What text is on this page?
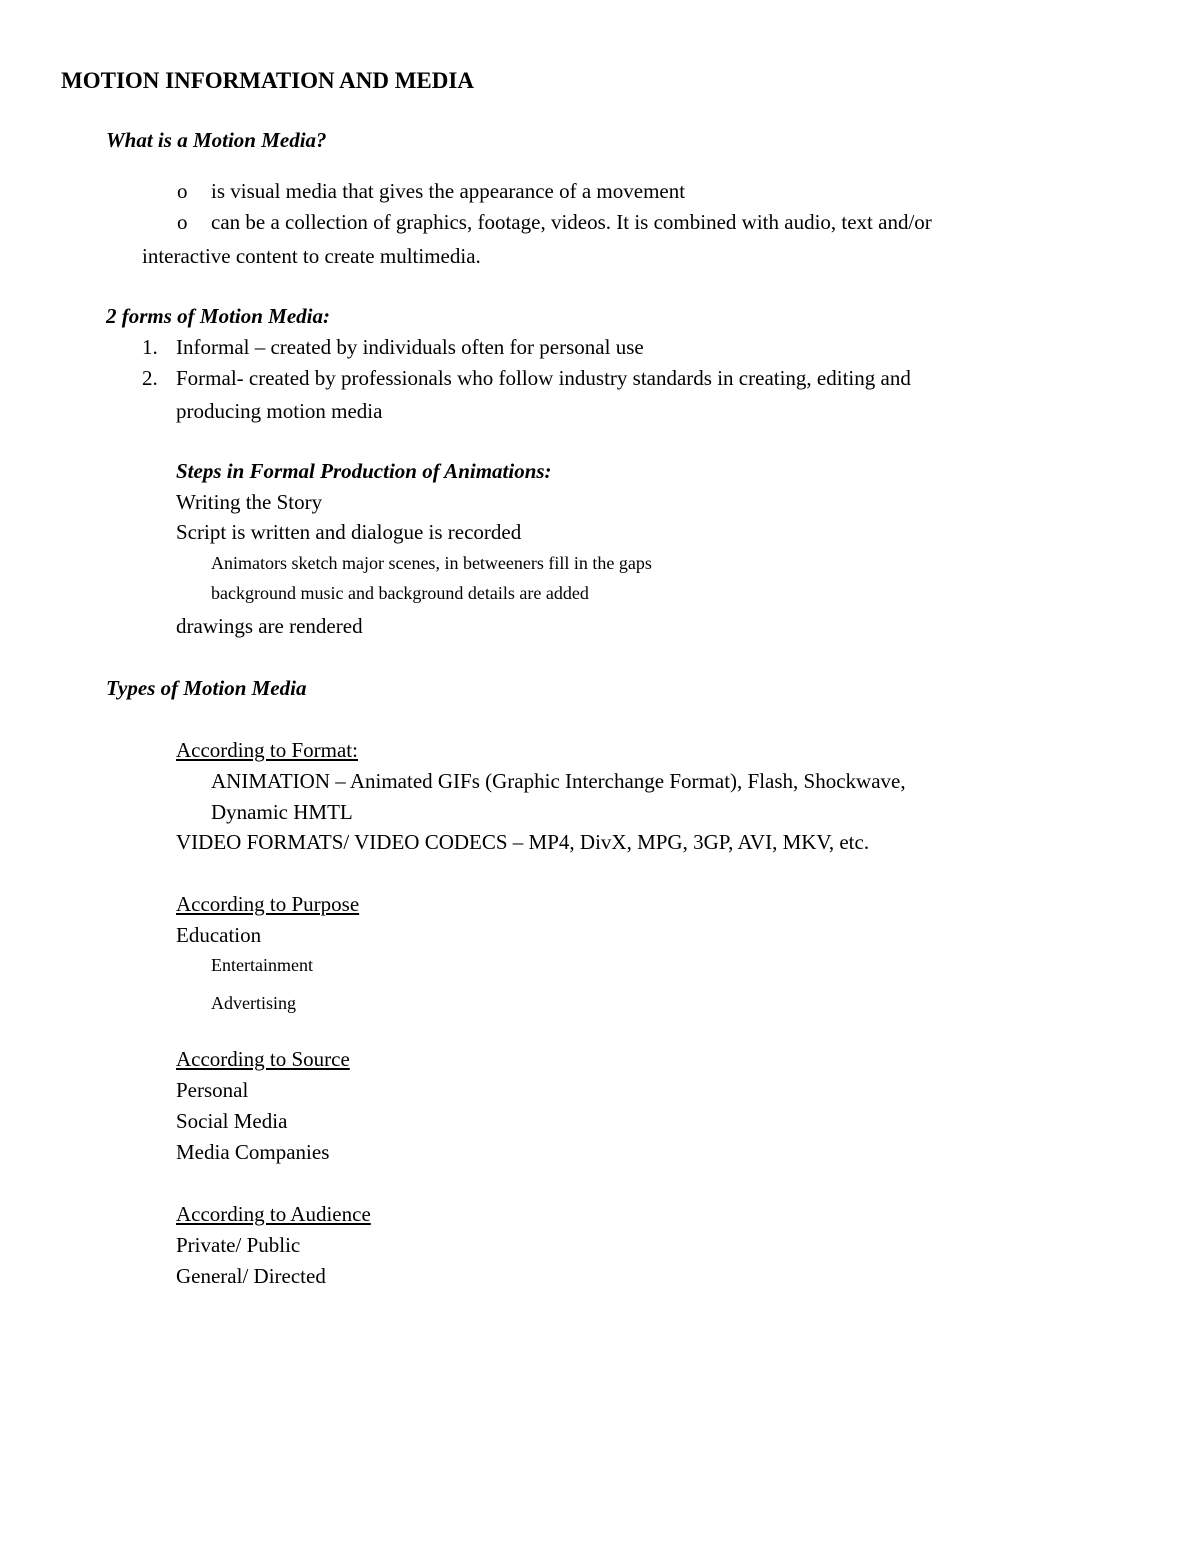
MOTION INFORMATION AND MEDIA
What is a Motion Media?
o is visual media that gives the appearance of a movement
o can be a collection of graphics, footage, videos. It is combined with audio, text and/or
interactive content to create multimedia.
2 forms of Motion Media:
1. Informal – created by individuals often for personal use
2. Formal- created by professionals who follow industry standards in creating, editing and
producing motion media
Steps in Formal Production of Animations:
Writing the Story
Script is written and dialogue is recorded
Animators sketch major scenes, in betweeners fill in the gaps
background music and background details are added
drawings are rendered
Types of Motion Media
According to Format:
ANIMATION – Animated GIFs (Graphic Interchange Format), Flash, Shockwave,
Dynamic HMTL
VIDEO FORMATS/ VIDEO CODECS – MP4, DivX, MPG, 3GP, AVI, MKV, etc.
According to Purpose
Education
Entertainment
Advertising
According to Source
Personal
Social Media
Media Companies
According to Audience
Private/ Public
General/ Directed
